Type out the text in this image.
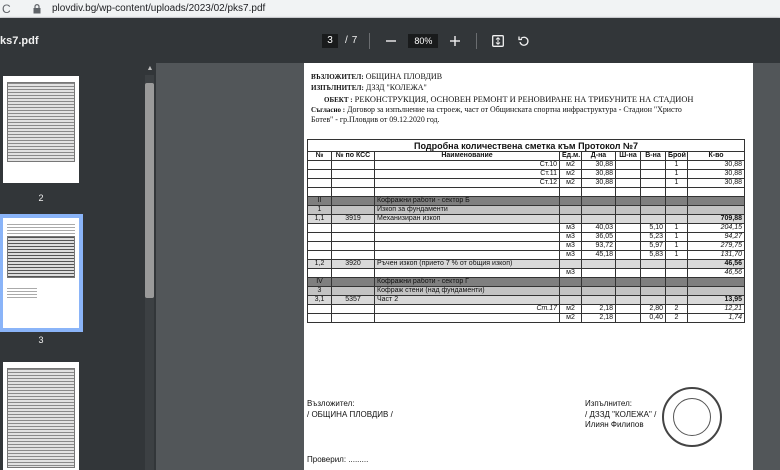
C	plovdiv.bg/wp-content/uploads/2023/02/pks7.pdf
ks7.pdf	3	/ 7	80%
2
3
▲
ВЪЗЛОЖИТЕЛ: ОБЩИНА ПЛОВДИВ
ИЗПЪЛНИТЕЛ: ДЗЗД "КОЛЕЖА"
ОБЕКТ : РЕКОНСТРУКЦИЯ, ОСНОВЕН РЕМОНТ И РЕНОВИРАНЕ НА ТРИБУНИТЕ НА СТАДИОН
Съгласно : Договор за изпълнение на строеж, част от Общинската спортна инфраструктура - Стадион "Христо
Ботев" - гр.Пловдив от 09.12.2020 год.
Подробна количествена сметка към Протокол №7								
№	№ по КСС	Наименование	Ед.м.	Д-на	Ш-на	В-на	Брой	К-во
		Ст.10	м2	30,88			1	30,88
		Ст.11	м2	30,88			1	30,88
		Ст.12	м2	30,88			1	30,88

II		Кофражни работи - сектор Б						
1		Изкоп за фундаменти						
1,1	3919	Механизиран изкоп						709,88
			м3	40,03		5,10	1	204,15
			м3	36,05		5,23	1	94,27
			м3	93,72		5,97	1	279,75
			м3	45,18		5,83	1	131,70
1,2	3920	Ръчен изкоп (прието 7 % от общия изкоп)						46,56
			м3					46,56
IV		Кофражни работи - сектор Г						
3		Кофраж стени (над фундаменти)						
3,1	5357	Част 2						13,95
		Ст.17	м2	2,18		2,80	2	12,21
			м2	2,18		0,40	2	1,74
Възложител:
/ ОБЩИНА ПЛОВДИВ /
Изпълнител:
/ ДЗЗД "КОЛЕЖА" /
Илиян Филипов
Проверил: .........
